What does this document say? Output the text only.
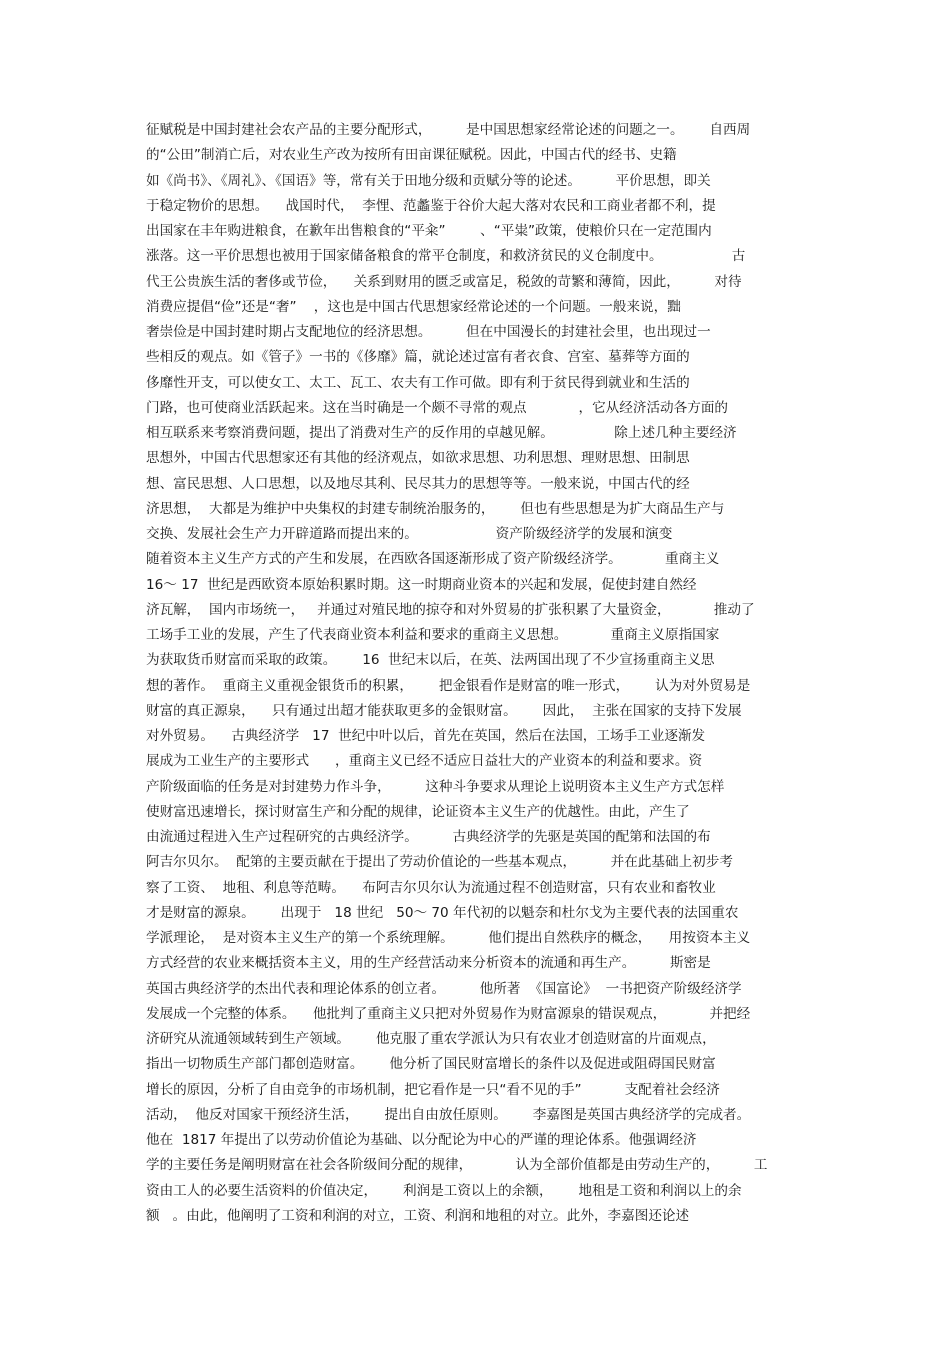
征赋税是中国封建社会农产品的主要分配形式，        是中国思想家经常论述的问题之一。      自西周
的“公田”制消亡后，对农业生产改为按所有田亩课征赋税。因此，中国古代的经书、史籍
如《尚书》、《周礼》、《国语》等，常有关于田地分级和贡赋分等的论述。        平价思想，即关
于稳定物价的思想。    战国时代，  李悝、范蠡鉴于谷价大起大落对农民和工商业者都不利，提
出国家在丰年购进粮食，在歉年出售粮食的“平籴”        、“平粜”政策，使粮价只在一定范围内
涨落。这一平价思想也被用于国家储备粮食的常平仓制度，和救济贫民的义仓制度中。                古
代王公贵族生活的奢侈或节俭，    关系到财用的匮乏或富足，税敛的苛繁和薄简，因此，        对待
消费应提倡“俭”还是“奢”    ，这也是中国古代思想家经常论述的一个问题。一般来说，黜
奢崇俭是中国封建时期占支配地位的经济思想。        但在中国漫长的封建社会里，也出现过一
些相反的观点。如《管子》一书的《侈靡》篇，就论述过富有者衣食、宫室、墓葬等方面的
侈靡性开支，可以使女工、太工、瓦工、农夫有工作可做。即有利于贫民得到就业和生活的
门路，也可使商业活跃起来。这在当时确是一个颇不寻常的观点            ，它从经济活动各方面的
相互联系来考察消费问题，提出了消费对生产的反作用的卓越见解。              除上述几种主要经济
思想外，中国古代思想家还有其他的经济观点，如欲求思想、功利思想、理财思想、田制思
想、富民思想、人口思想，以及地尽其利、民尽其力的思想等等。一般来说，中国古代的经
济思想，  大都是为维护中央集权的封建专制统治服务的，      但也有些思想是为扩大商品生产与
交换、发展社会生产力开辟道路而提出来的。                  资产阶级经济学的发展和演变
随着资本主义生产方式的产生和发展，在西欧各国逐渐形成了资产阶级经济学。          重商主义
16～ 17  世纪是西欧资本原始积累时期。这一时期商业资本的兴起和发展，促使封建自然经
济瓦解，  国内市场统一，   并通过对殖民地的掠夺和对外贸易的扩张积累了大量资金，          推动了
工场手工业的发展，产生了代表商业资本利益和要求的重商主义思想。          重商主义原指国家
为获取货币财富而采取的政策。      16  世纪末以后，在英、法两国出现了不少宣扬重商主义思
想的著作。  重商主义重视金银货币的积累，      把金银看作是财富的唯一形式，      认为对外贸易是
财富的真正源泉，    只有通过出超才能获取更多的金银财富。      因此，  主张在国家的支持下发展
对外贸易。    古典经济学   17  世纪中叶以后，首先在英国，然后在法国，工场手工业逐渐发
展成为工业生产的主要形式      ，重商主义已经不适应日益壮大的产业资本的利益和要求。资
产阶级面临的任务是对封建势力作斗争，        这种斗争要求从理论上说明资本主义生产方式怎样
使财富迅速增长，探讨财富生产和分配的规律，论证资本主义生产的优越性。由此，产生了
由流通过程进入生产过程研究的古典经济学。        古典经济学的先驱是英国的配第和法国的布
阿吉尔贝尔。  配第的主要贡献在于提出了劳动价值论的一些基本观点，        并在此基础上初步考
察了工资、  地租、利息等范畴。    布阿吉尔贝尔认为流通过程不创造财富，只有农业和畜牧业
才是财富的源泉。      出现于   18 世纪   50～ 70 年代初的以魁奈和杜尔戈为主要代表的法国重农
学派理论，  是对资本主义生产的第一个系统理解。        他们提出自然秩序的概念，    用按资本主义
方式经营的农业来概括资本主义，用的生产经营活动来分析资本的流通和再生产。        斯密是
英国古典经济学的杰出代表和理论体系的创立者。        他所著  《国富论》  一书把资产阶级经济学
发展成一个完整的体系。    他批判了重商主义只把对外贸易作为财富源泉的错误观点，          并把经
济研究从流通领域转到生产领域。      他克服了重农学派认为只有农业才创造财富的片面观点，
指出一切物质生产部门都创造财富。      他分析了国民财富增长的条件以及促进或阻碍国民财富
增长的原因，分析了自由竞争的市场机制，把它看作是一只“看不见的手”          支配着社会经济
活动，  他反对国家干预经济生活，      提出自由放任原则。      李嘉图是英国古典经济学的完成者。
他在  1817 年提出了以劳动价值论为基础、以分配论为中心的严谨的理论体系。他强调经济
学的主要任务是阐明财富在社会各阶级间分配的规律，          认为全部价值都是由劳动生产的，        工
资由工人的必要生活资料的价值决定，      利润是工资以上的余额，      地租是工资和利润以上的余
额   。由此，他阐明了工资和利润的对立，工资、利润和地租的对立。此外，李嘉图还论述
